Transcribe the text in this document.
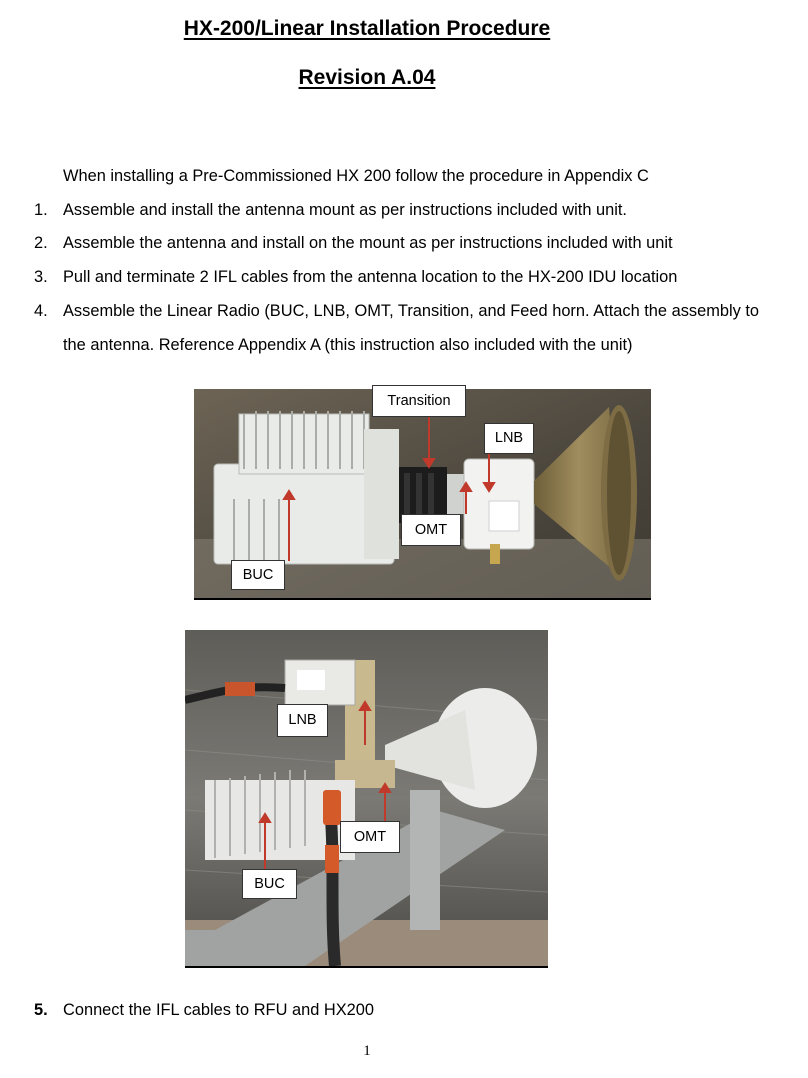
HX-200/Linear Installation Procedure
Revision A.04

When installing a Pre-Commissioned HX 200 follow the procedure in Appendix C

1. Assemble and install the antenna mount as per instructions included with unit.

2. Assemble the antenna and install on the mount as per instructions included with unit

3. Pull and terminate 2 IFL cables from the antenna location to the HX-200 IDU location

4. Assemble the Linear Radio (BUC, LNB, OMT, Transition, and Feed horn. Attach the assembly to

the antenna. Reference Appendix A (this instruction also included with the unit)

Transition
LNB
OMT
BUC
LNB
OMT
BUC
5. Connect the IFL cables to RFU and HX200

1
